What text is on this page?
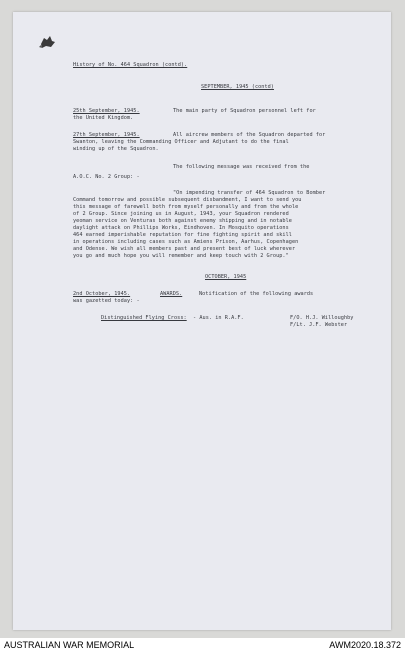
History of No. 464 Squadron (contd).
SEPTEMBER, 1945 (contd)
25th September, 1945.	The main party of Squadron personnel left for
the United Kingdom.
27th September, 1945.	All aircrew members of the Squadron departed for
Swanton, leaving the Commanding Officer and Adjutant to do the final
winding up of the Squadron.
The following message was received from the
A.O.C. No. 2 Group: -
"On impending transfer of 464 Squadron to Bomber
Command tomorrow and possible subsequent disbandment, I want to send you
this message of farewell both from myself personally and from the whole
of 2 Group. Since joining us in August, 1943, your Squadron rendered
yeoman service on Venturas both against enemy shipping and in notable
daylight attack on Phillips Works, Eindhoven. In Mosquito operations
464 earned imperishable reputation for fine fighting spirit and skill
in operations including cases such as Amiens Prison, Aarhus, Copenhagen
and Odense. We wish all members past and present best of luck wherever
you go and much hope you will remember and keep touch with 2 Group."
OCTOBER, 1945
2nd October, 1945.	AWARDS.	Notification of the following awards
was gazetted today: -
Distinguished Flying Cross: - Aus. in R.A.F.	F/O. H.J. Willoughby
F/Lt. J.F. Webster
AUSTRALIAN WAR MEMORIAL	AWM2020.18.372
